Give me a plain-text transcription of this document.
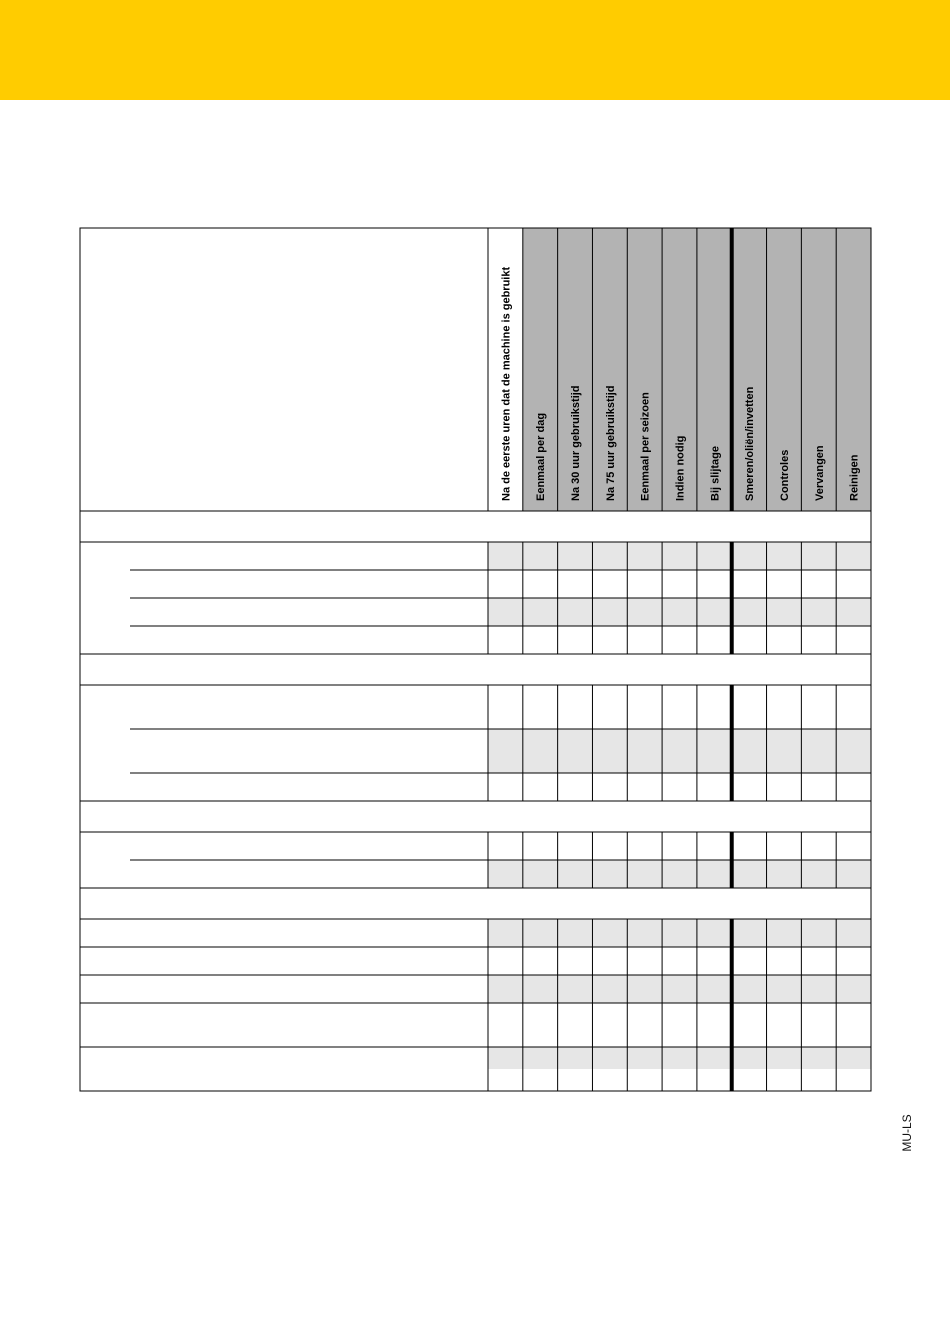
Na de eerste uren dat de machine is gebruikt Eenmaal per dag Na 30 uur gebruikstijd Na 75 uur gebruikstijd Eenmaal per seizoen Indien nodig Bij slijtage Smeren/oliën/invetten Controles Vervangen Reinigen
MU-LS
